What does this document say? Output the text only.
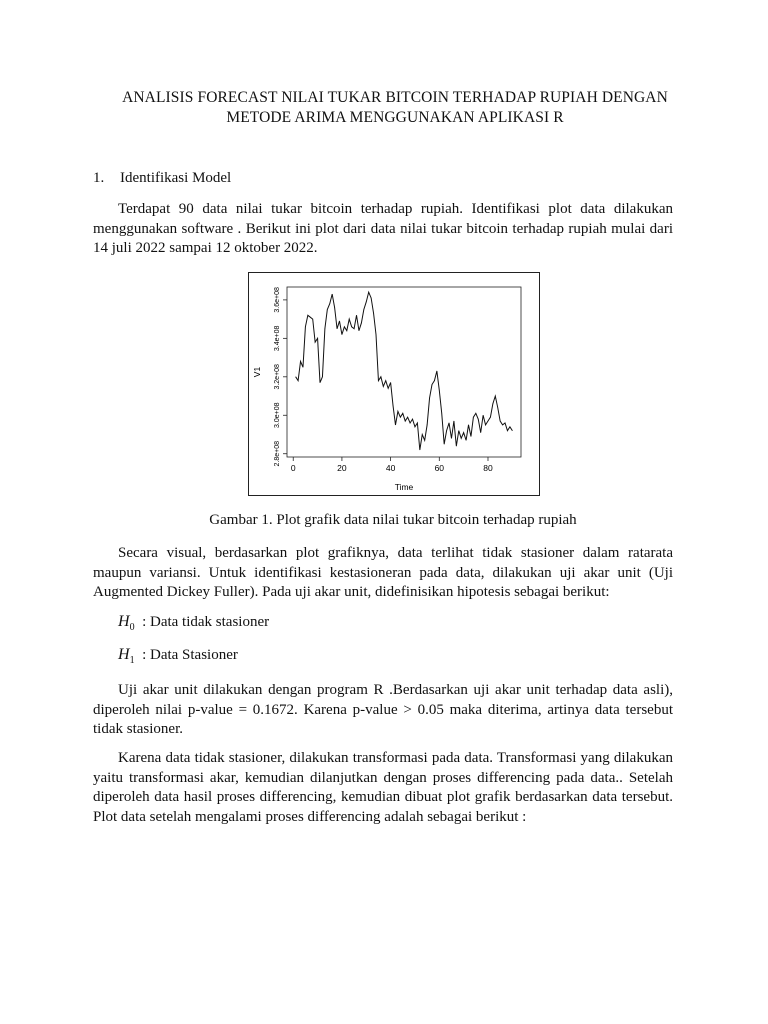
ANALISIS FORECAST NILAI TUKAR BITCOIN TERHADAP RUPIAH DENGAN
METODE ARIMA MENGGUNAKAN APLIKASI R
1. Identifikasi Model

Terdapat 90 data nilai tukar bitcoin terhadap rupiah. Identifikasi plot data dilakukan menggunakan software . Berikut ini plot dari data nilai tukar bitcoin terhadap rupiah mulai dari 14 juli 2022 sampai 12 oktober 2022.

0	20	40	60	80
2.8e+08
3.0e+08
3.2e+08
3.4e+08
3.6e+08
Time
V1
Gambar 1. Plot grafik data nilai tukar bitcoin terhadap rupiah

Secara visual, berdasarkan plot grafiknya, data terlihat tidak stasioner dalam ratarata maupun variansi. Untuk identifikasi kestasioneran pada data, dilakukan uji akar unit (Uji Augmented Dickey Fuller). Pada uji akar unit, didefinisikan hipotesis sebagai berikut:

$H_0$ : Data tidak stasioner
$H_1$ : Data Stasioner

Uji akar unit dilakukan dengan program R .Berdasarkan uji akar unit terhadap data asli), diperoleh nilai p-value = 0.1672. Karena p-value > 0.05 maka diterima, artinya data tersebut tidak stasioner.

Karena data tidak stasioner, dilakukan transformasi pada data. Transformasi yang dilakukan yaitu transformasi akar, kemudian dilanjutkan dengan proses differencing pada data.. Setelah diperoleh data hasil proses differencing, kemudian dibuat plot grafik berdasarkan data tersebut. Plot data setelah mengalami proses differencing adalah sebagai berikut :
